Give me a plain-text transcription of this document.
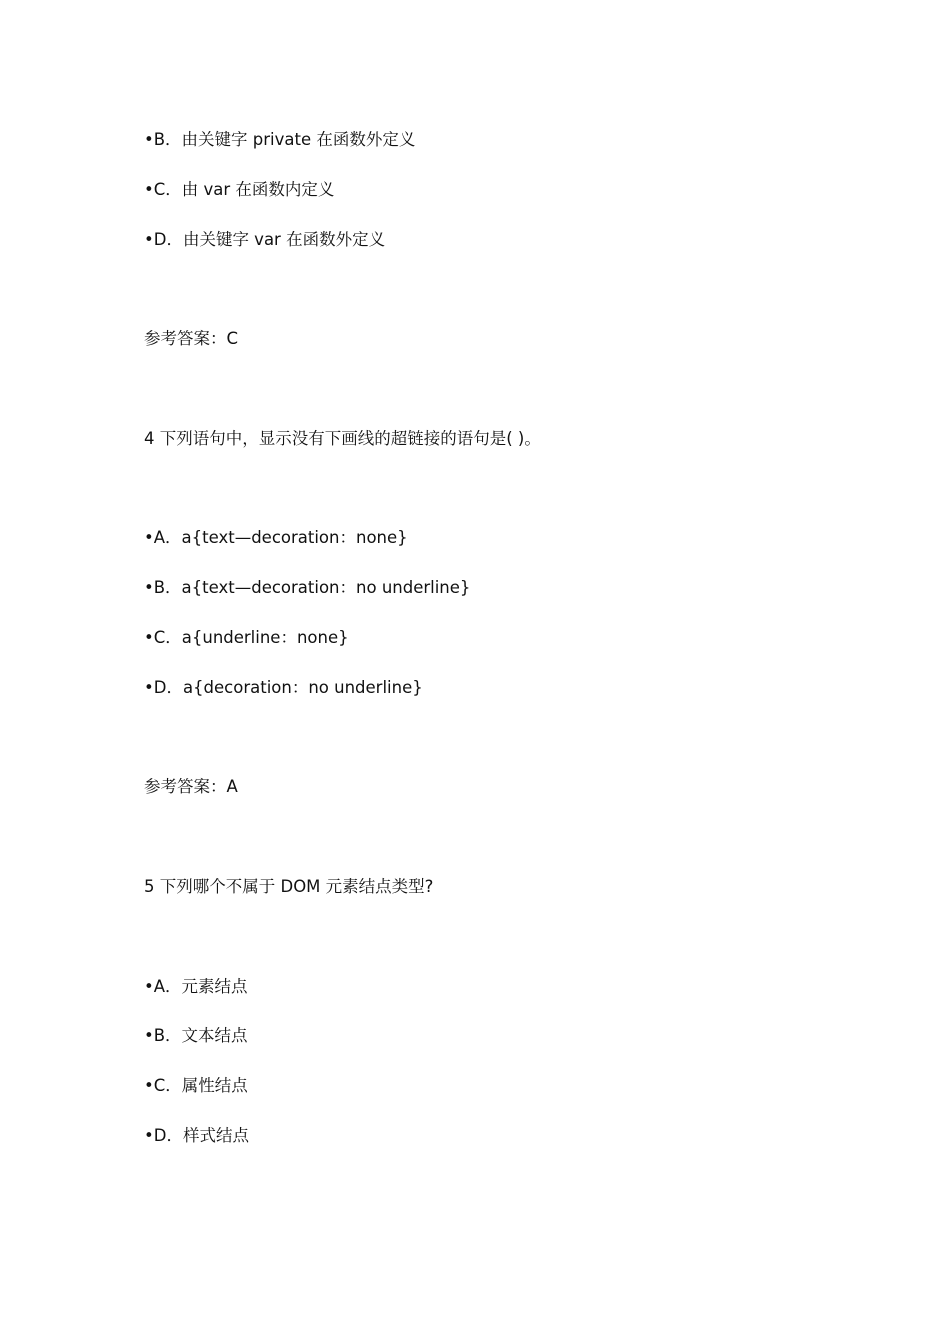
•B．由关键字 private 在函数外定义
•C．由 var 在函数内定义
•D．由关键字 var 在函数外定义
参考答案：C
4 下列语句中，显示没有下画线的超链接的语句是( )。
•A．a{text—decoration：none}
•B．a{text—decoration：no underline}
•C．a{underline：none}
•D．a{decoration：no underline}
参考答案：A
5 下列哪个不属于 DOM 元素结点类型?
•A．元素结点
•B．文本结点
•C．属性结点
•D．样式结点
